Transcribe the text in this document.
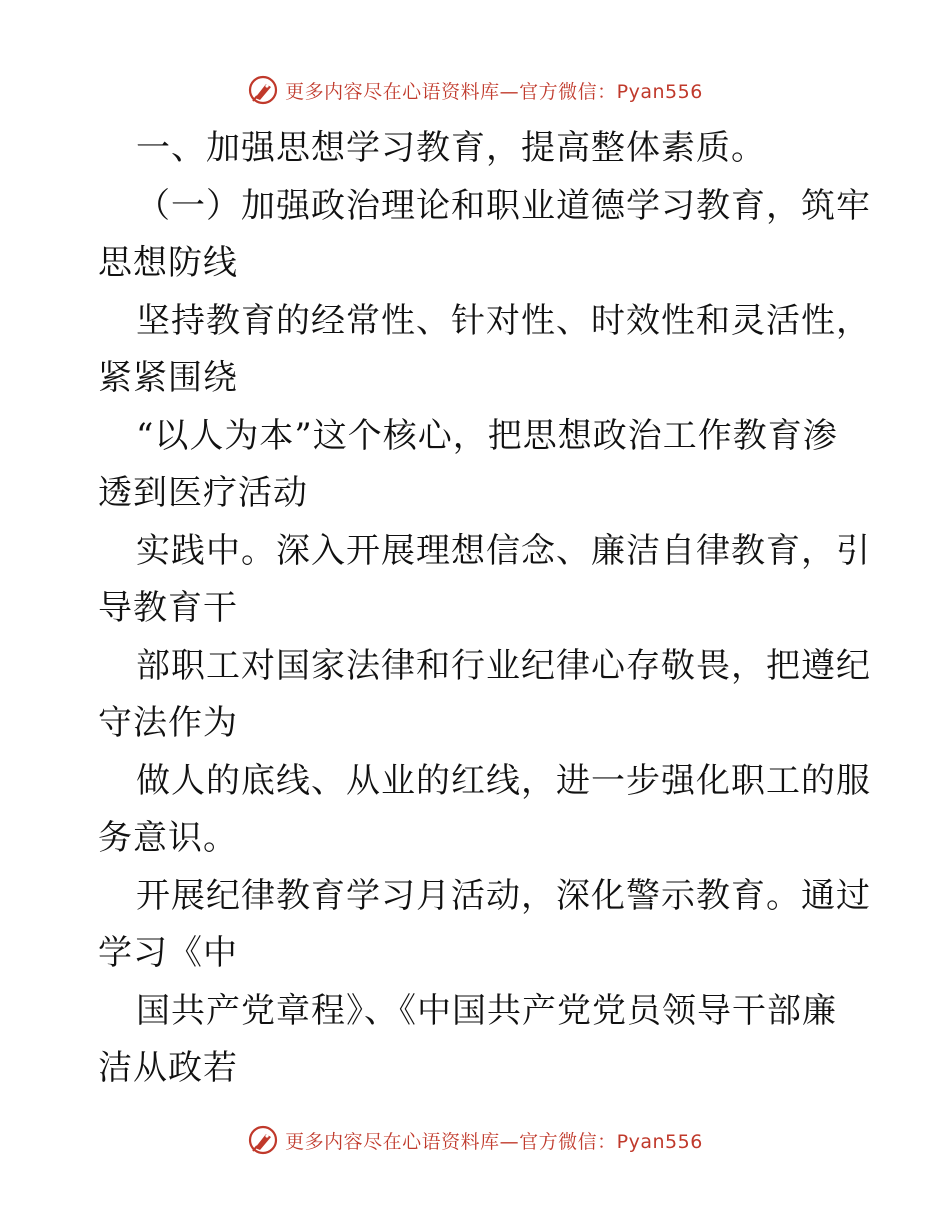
更多内容尽在心语资料库—官方微信：Pyan556
一、加强思想学习教育，提高整体素质。
（一）加强政治理论和职业道德学习教育，筑牢
思想防线
坚持教育的经常性、针对性、时效性和灵活性，
紧紧围绕
“以人为本”这个核心，把思想政治工作教育渗
透到医疗活动
实践中。深入开展理想信念、廉洁自律教育，引
导教育干
部职工对国家法律和行业纪律心存敬畏，把遵纪
守法作为
做人的底线、从业的红线，进一步强化职工的服
务意识。
开展纪律教育学习月活动，深化警示教育。通过
学习《中
国共产党章程》、《中国共产党党员领导干部廉
洁从政若
更多内容尽在心语资料库—官方微信：Pyan556
